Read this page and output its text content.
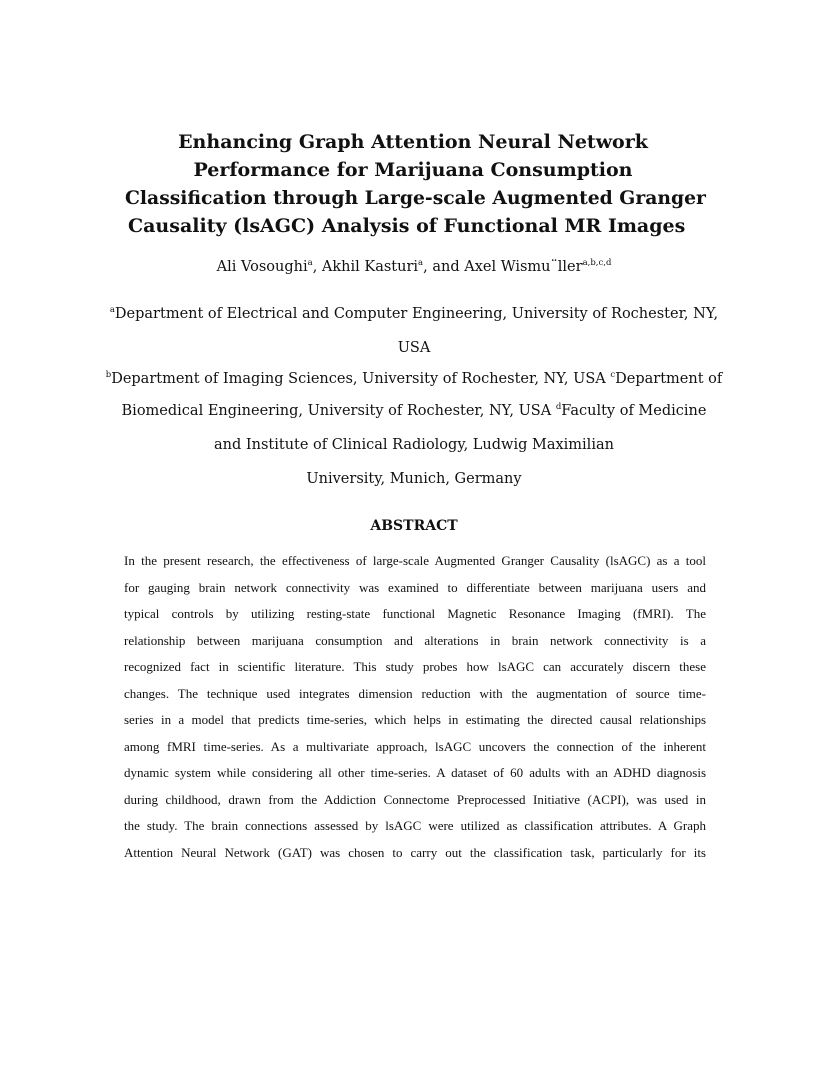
Enhancing Graph Attention Neural Network
Performance for Marijuana Consumption
Classification through Large-scale Augmented Granger
Causality (lsAGC) Analysis of Functional MR Images
Ali Vosoughi$^a$, Akhil Kasturi$^a$, and Axel Wismu¨ller$^{a,b,c,d}$
$^a$Department of Electrical and Computer Engineering, University of Rochester, NY,
USA
$^b$Department of Imaging Sciences, University of Rochester, NY, USA $^c$Department of
Biomedical Engineering, University of Rochester, NY, USA $^d$Faculty of Medicine
and Institute of Clinical Radiology, Ludwig Maximilian
University, Munich, Germany
ABSTRACT
In the present research, the effectiveness of large-scale Augmented Granger Causality (lsAGC) as a tool
for gauging brain network connectivity was examined to differentiate between marijuana users and
typical controls by utilizing resting-state functional Magnetic Resonance Imaging (fMRI). The
relationship between marijuana consumption and alterations in brain network connectivity is a
recognized fact in scientific literature. This study probes how lsAGC can accurately discern these
changes. The technique used integrates dimension reduction with the augmentation of source time-
series in a model that predicts time-series, which helps in estimating the directed causal relationships
among fMRI time-series. As a multivariate approach, lsAGC uncovers the connection of the inherent
dynamic system while considering all other time-series. A dataset of 60 adults with an ADHD diagnosis
during childhood, drawn from the Addiction Connectome Preprocessed Initiative (ACPI), was used in
the study. The brain connections assessed by lsAGC were utilized as classification attributes. A Graph
Attention Neural Network (GAT) was chosen to carry out the classification task, particularly for its
